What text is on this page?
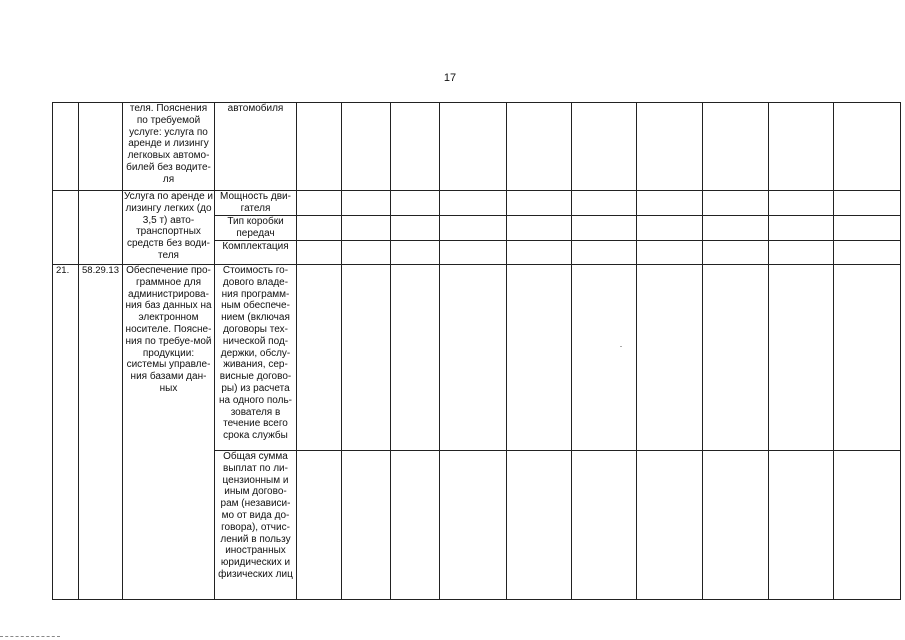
17
		теля. Пояснения по требуемой услуге: услуга по аренде и лизингу легковых автомо-билей без водите-ля	автомобиля										
		Услуга по аренде и лизингу легких (до 3,5 т) авто-транспортных средств без води-теля	Мощность дви-гателя										
			Тип коробки передач										
			Комплектация										
21.	58.29.13	Обеспечение про-граммное для администрирова-ния баз данных на электронном носителе. Поясне-ния по требуе-мой продукции: системы управле-ния базами дан-ных	Стоимость го-дового владе-ния программ-ным обеспече-нием (включая договоры тех-нической под-держки, обслу-живания, сер-висные догово-ры) из расчета на одного поль-зователя в течение всего срока службы										
			Общая сумма выплат по ли-цензионным и иным догово-рам (независи-мо от вида до-говора), отчис-лений в пользу иностранных юридических и физических лиц										
